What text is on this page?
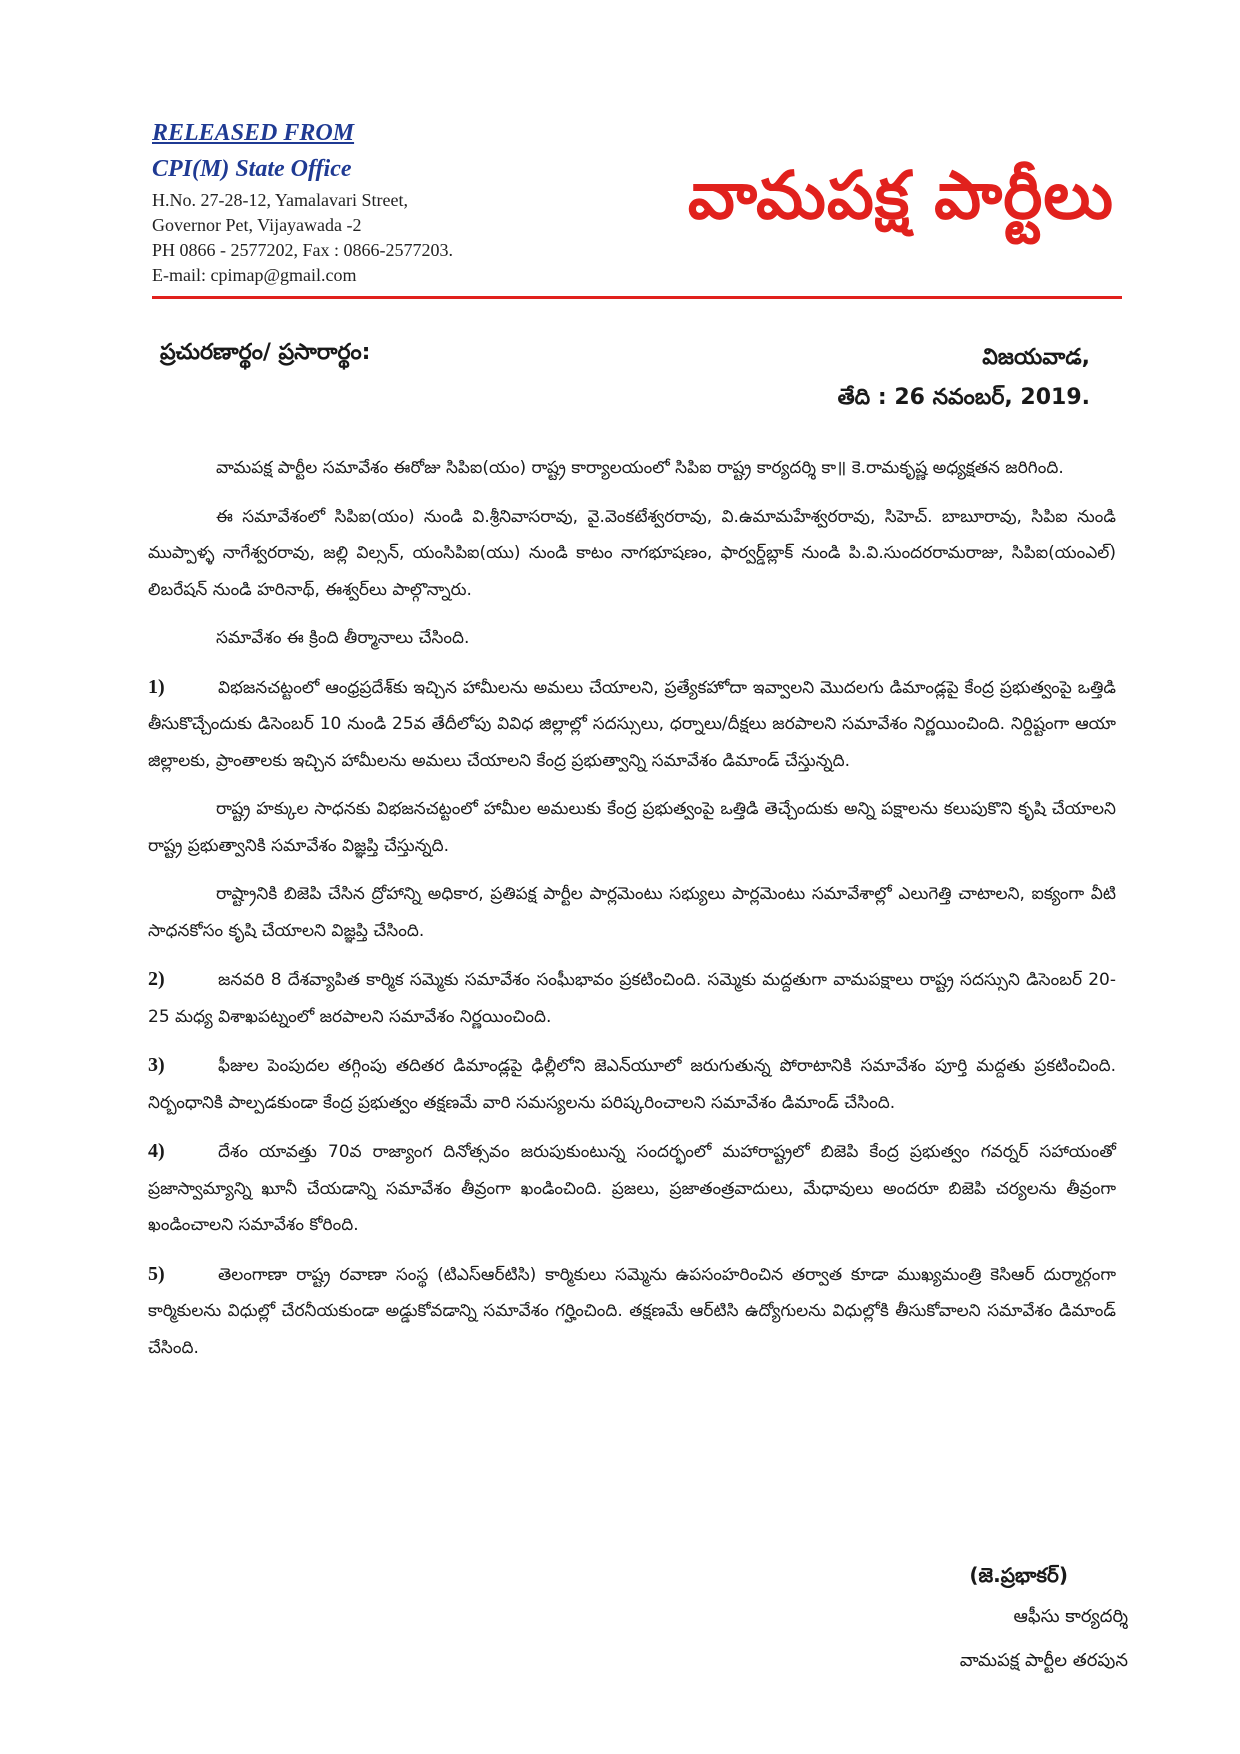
RELEASED FROM

CPI(M) State Office

H.No. 27-28-12, Yamalavari Street,

Governor Pet, Vijayawada -2

PH 0866 - 2577202, Fax : 0866-2577203.

E-mail: cpimap@gmail.com

వామపక్ష పార్టీలు
ప్రచురణార్థం/ ప్రసారార్థం:	విజయవాడ,
తేది : 26 నవంబర్, 2019.

వామపక్ష పార్టీల సమావేశం ఈరోజు సిపిఐ(యం) రాష్ట్ర కార్యాలయంలో సిపిఐ రాష్ట్ర కార్యదర్శి కా॥ కె.రామకృష్ణ అధ్యక్షతన జరిగింది.

ఈ సమావేశంలో సిపిఐ(యం) నుండి వి.శ్రీనివాసరావు, వై.వెంకటేశ్వరరావు, వి.ఉమామహేశ్వరరావు, సిహెచ్. బాబూరావు, సిపిఐ నుండి ముప్పాళ్ళ నాగేశ్వరరావు, జల్లి విల్సన్, యంసిపిఐ(యు) నుండి కాటం నాగభూషణం, ఫార్వర్డ్‌బ్లాక్ నుండి పి.వి.సుందరరామరాజు, సిపిఐ(యంఎల్) లిబరేషన్ నుండి హరినాథ్, ఈశ్వర్‌లు పాల్గొన్నారు.

సమావేశం ఈ క్రింది తీర్మానాలు చేసింది.

1)	విభజనచట్టంలో ఆంధ్రప్రదేశ్‌కు ఇచ్చిన హామీలను అమలు చేయాలని, ప్రత్యేకహోదా ఇవ్వాలని మొదలగు డిమాండ్లపై కేంద్ర ప్రభుత్వంపై ఒత్తిడి తీసుకొచ్చేందుకు డిసెంబర్ 10 నుండి 25వ తేదీలోపు వివిధ జిల్లాల్లో సదస్సులు, ధర్నాలు/దీక్షలు జరపాలని సమావేశం నిర్ణయించింది. నిర్దిష్టంగా ఆయా జిల్లాలకు, ప్రాంతాలకు ఇచ్చిన హామీలను అమలు చేయాలని కేంద్ర ప్రభుత్వాన్ని సమావేశం డిమాండ్ చేస్తున్నది.

రాష్ట్ర హక్కుల సాధనకు విభజనచట్టంలో హామీల అమలుకు కేంద్ర ప్రభుత్వంపై ఒత్తిడి తెచ్చేందుకు అన్ని పక్షాలను కలుపుకొని కృషి చేయాలని రాష్ట్ర ప్రభుత్వానికి సమావేశం విజ్ఞప్తి చేస్తున్నది.

రాష్ట్రానికి బిజెపి చేసిన ద్రోహాన్ని అధికార, ప్రతిపక్ష పార్టీల పార్లమెంటు సభ్యులు పార్లమెంటు సమావేశాల్లో ఎలుగెత్తి చాటాలని, ఐక్యంగా వీటి సాధనకోసం కృషి చేయాలని విజ్ఞప్తి చేసింది.

2)	జనవరి 8 దేశవ్యాపిత కార్మిక సమ్మెకు సమావేశం సంఘీభావం ప్రకటించింది. సమ్మెకు మద్దతుగా వామపక్షాలు రాష్ట్ర సదస్సుని డిసెంబర్ 20-25 మధ్య విశాఖపట్నంలో జరపాలని సమావేశం నిర్ణయించింది.

3)	ఫీజుల పెంపుదల తగ్గింపు తదితర డిమాండ్లపై ఢిల్లీలోని జెఎన్‌యూలో జరుగుతున్న పోరాటానికి సమావేశం పూర్తి మద్దతు ప్రకటించింది. నిర్బంధానికి పాల్పడకుండా కేంద్ర ప్రభుత్వం తక్షణమే వారి సమస్యలను పరిష్కరించాలని సమావేశం డిమాండ్ చేసింది.

4)	దేశం యావత్తు 70వ రాజ్యాంగ దినోత్సవం జరుపుకుంటున్న సందర్భంలో మహారాష్ట్రలో బిజెపి కేంద్ర ప్రభుత్వం గవర్నర్ సహాయంతో ప్రజాస్వామ్యాన్ని ఖూనీ చేయడాన్ని సమావేశం తీవ్రంగా ఖండించింది. ప్రజలు, ప్రజాతంత్రవాదులు, మేధావులు అందరూ బిజెపి చర్యలను తీవ్రంగా ఖండించాలని సమావేశం కోరింది.

5)	తెలంగాణా రాష్ట్ర రవాణా సంస్థ (టిఎస్ఆర్‌టిసి) కార్మికులు సమ్మెను ఉపసంహరించిన తర్వాత కూడా ముఖ్యమంత్రి కెసిఆర్ దుర్మార్గంగా కార్మికులను విధుల్లో చేరనీయకుండా అడ్డుకోవడాన్ని సమావేశం గర్హించింది. తక్షణమే ఆర్‌టిసి ఉద్యోగులను విధుల్లోకి తీసుకోవాలని సమావేశం డిమాండ్ చేసింది.

(జె.ప్రభాకర్)
ఆఫీసు కార్యదర్శి
వామపక్ష పార్టీల తరపున
